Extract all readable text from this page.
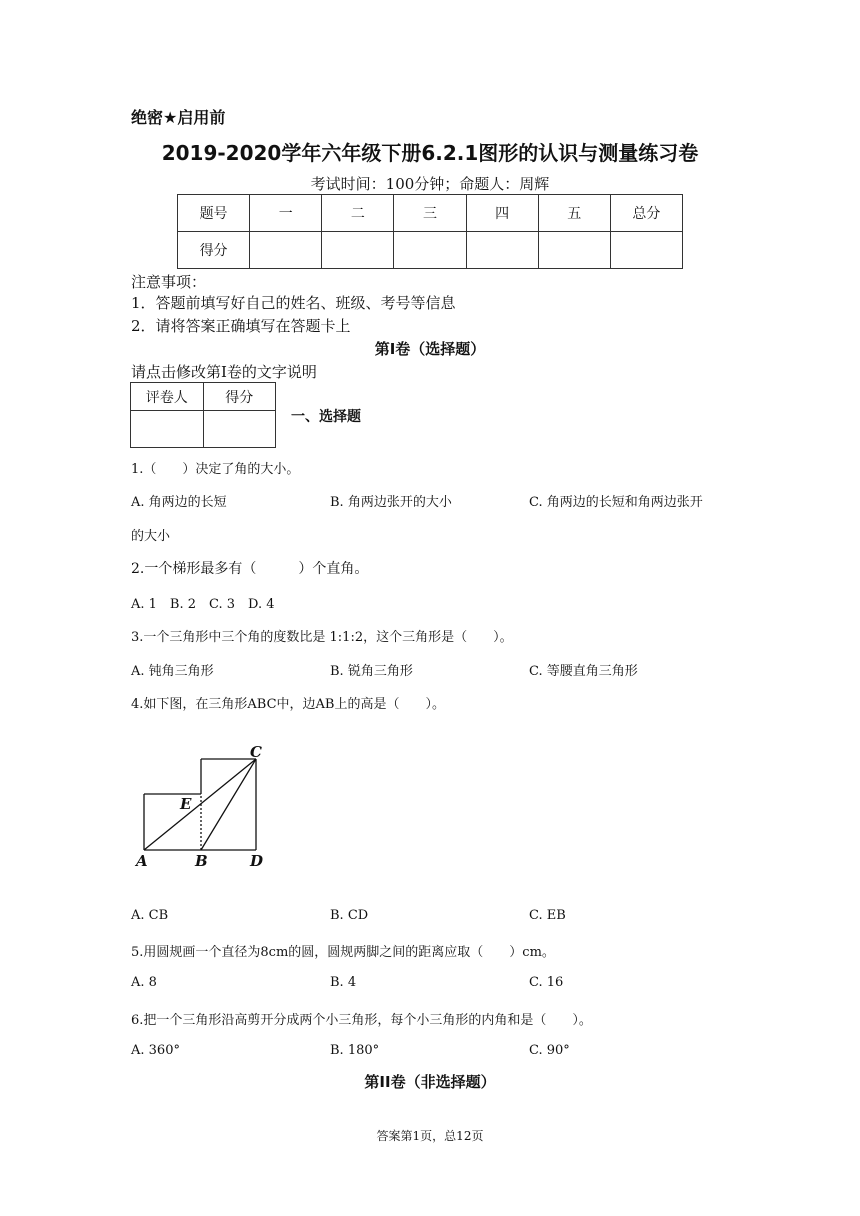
绝密★启用前
2019-2020学年六年级下册6.2.1图形的认识与测量练习卷
考试时间：100分钟；命题人：周辉
题号	一	二	三	四	五	总分
得分						
注意事项：
1．答题前填写好自己的姓名、班级、考号等信息
2．请将答案正确填写在答题卡上
第I卷（选择题）
请点击修改第I卷的文字说明
评卷人	得分

一、选择题
1.（　　）决定了角的大小。
A. 角两边的长短	B. 角两边张开的大小	C. 角两边的长短和角两边张开
的大小
2.一个梯形最多有（　　　）个直角。
A. 1　B. 2　C. 3　D. 4
3.一个三角形中三个角的度数比是 1:1:2，这个三角形是（　　）。
A. 钝角三角形	B. 锐角三角形	C. 等腰直角三角形
4.如下图，在三角形ABC中，边AB上的高是（　　）。
A	B
C
D
E
A. CB	B. CD	C. EB
5.用圆规画一个直径为8cm的圆，圆规两脚之间的距离应取（　　）cm。
A. 8	B. 4	C. 16
6.把一个三角形沿高剪开分成两个小三角形，每个小三角形的内角和是（　　）。
A. 360°	B. 180°	C. 90°
第II卷（非选择题）
答案第1页，总12页
